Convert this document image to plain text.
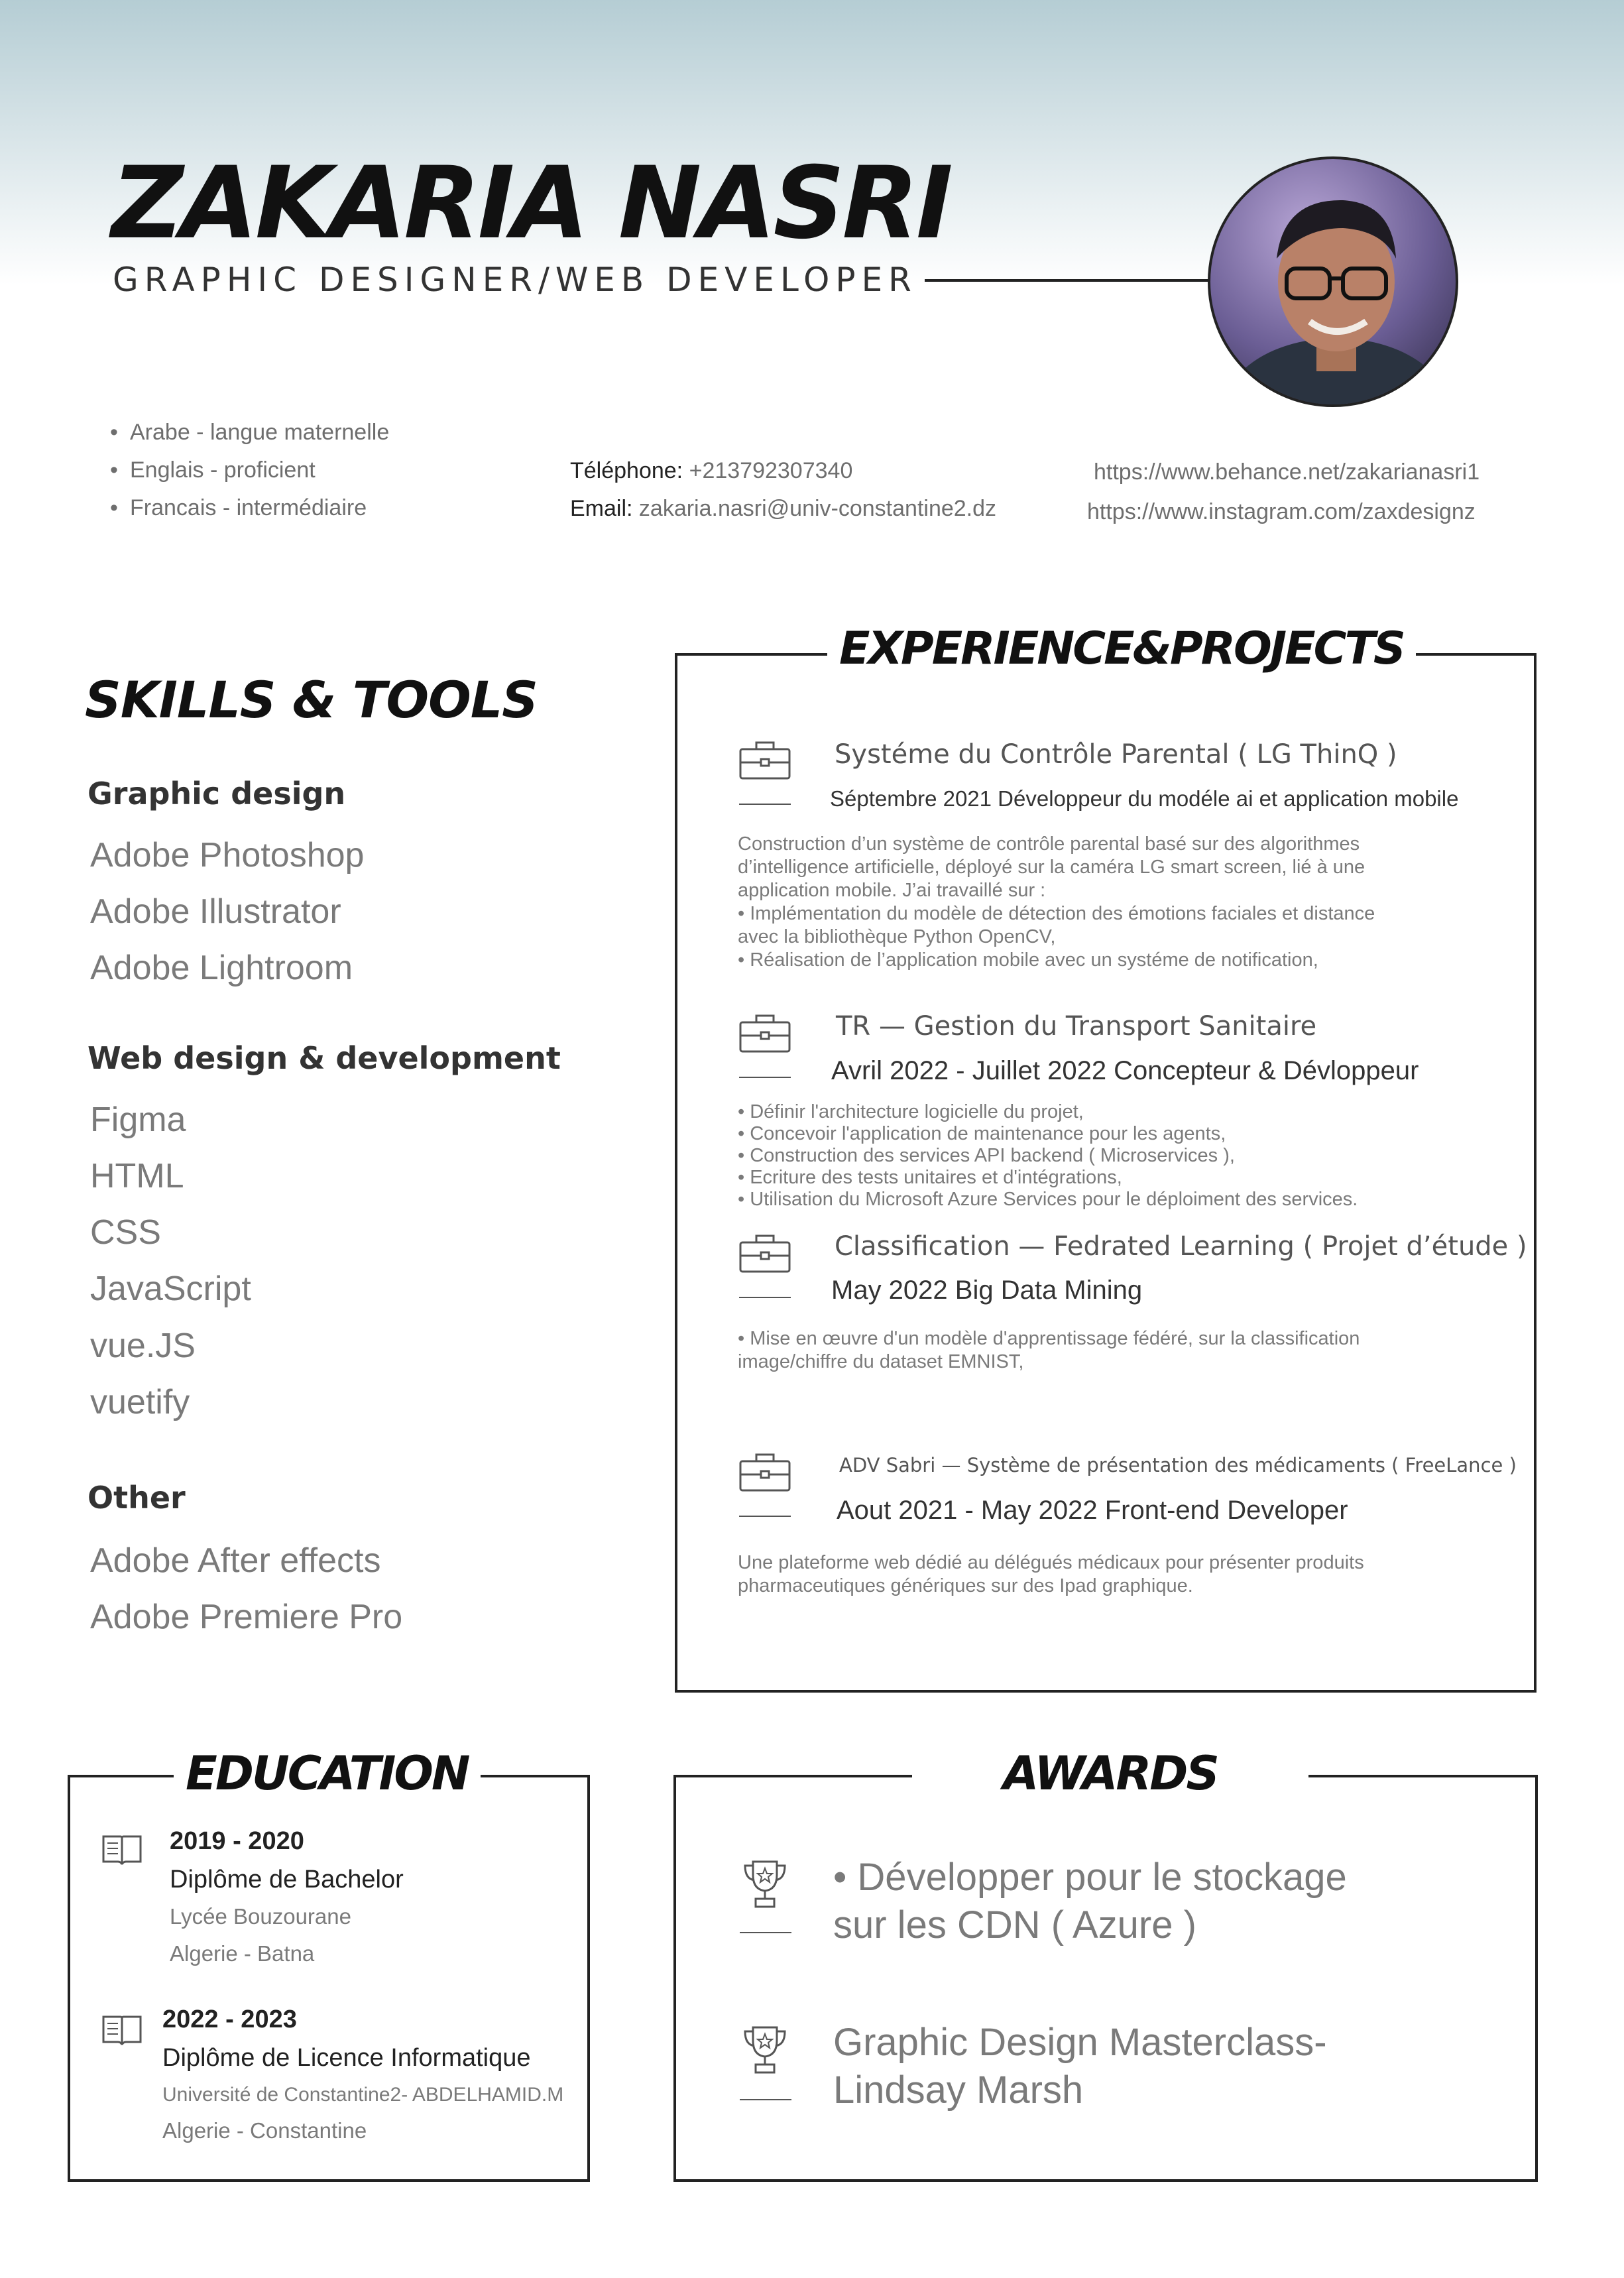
ZAKARIA NASRI
GRAPHIC DESIGNER/WEB DEVELOPER
• Arabe - langue maternelle
• Englais - proficient
• Francais - intermédiaire
Téléphone: +213792307340
Email: zakaria.nasri@univ-constantine2.dz
https://www.behance.net/zakarianasri1
https://www.instagram.com/zaxdesignz
SKILLS & TOOLS
Graphic design
Adobe Photoshop
Adobe Illustrator
Adobe Lightroom
Web design & development
Figma
HTML
CSS
JavaScript
vue.JS
vuetify
Other
Adobe After effects
Adobe Premiere Pro
EXPERIENCE&PROJECTS
Systéme du Contrôle Parental ( LG ThinQ )
Séptembre 2021 Développeur du modéle ai et application mobile
Construction d’un système de contrôle parental basé sur des algorithmes
d’intelligence artificielle, déployé sur la caméra LG smart screen, lié à une
application mobile. J’ai travaillé sur :
• Implémentation du modèle de détection des émotions faciales et distance
avec la bibliothèque Python OpenCV,
• Réalisation de l’application mobile avec un systéme de notification,
TR — Gestion du Transport Sanitaire
Avril 2022 - Juillet 2022 Concepteur & Dévloppeur
• Définir l'architecture logicielle du projet,
• Concevoir l'application de maintenance pour les agents,
• Construction des services API backend ( Microservices ),
• Ecriture des tests unitaires et d'intégrations,
• Utilisation du Microsoft Azure Services pour le déploiment des services.
Classification — Fedrated Learning ( Projet d’étude )
May 2022 Big Data Mining
• Mise en œuvre d'un modèle d'apprentissage fédéré, sur la classification
image/chiffre du dataset EMNIST,
ADV Sabri — Système de présentation des médicaments ( FreeLance )
Aout 2021 - May 2022 Front-end Developer
Une plateforme web dédié au délégués médicaux pour présenter produits
pharmaceutiques génériques sur des Ipad graphique.
EDUCATION
2019 - 2020
Diplôme de Bachelor
Lycée Bouzourane
Algerie - Batna
2022 - 2023
Diplôme de Licence Informatique
Université de Constantine2- ABDELHAMID.M
Algerie - Constantine
AWARDS
• Développer pour le stockage
sur les CDN ( Azure )
Graphic Design Masterclass-
Lindsay Marsh
